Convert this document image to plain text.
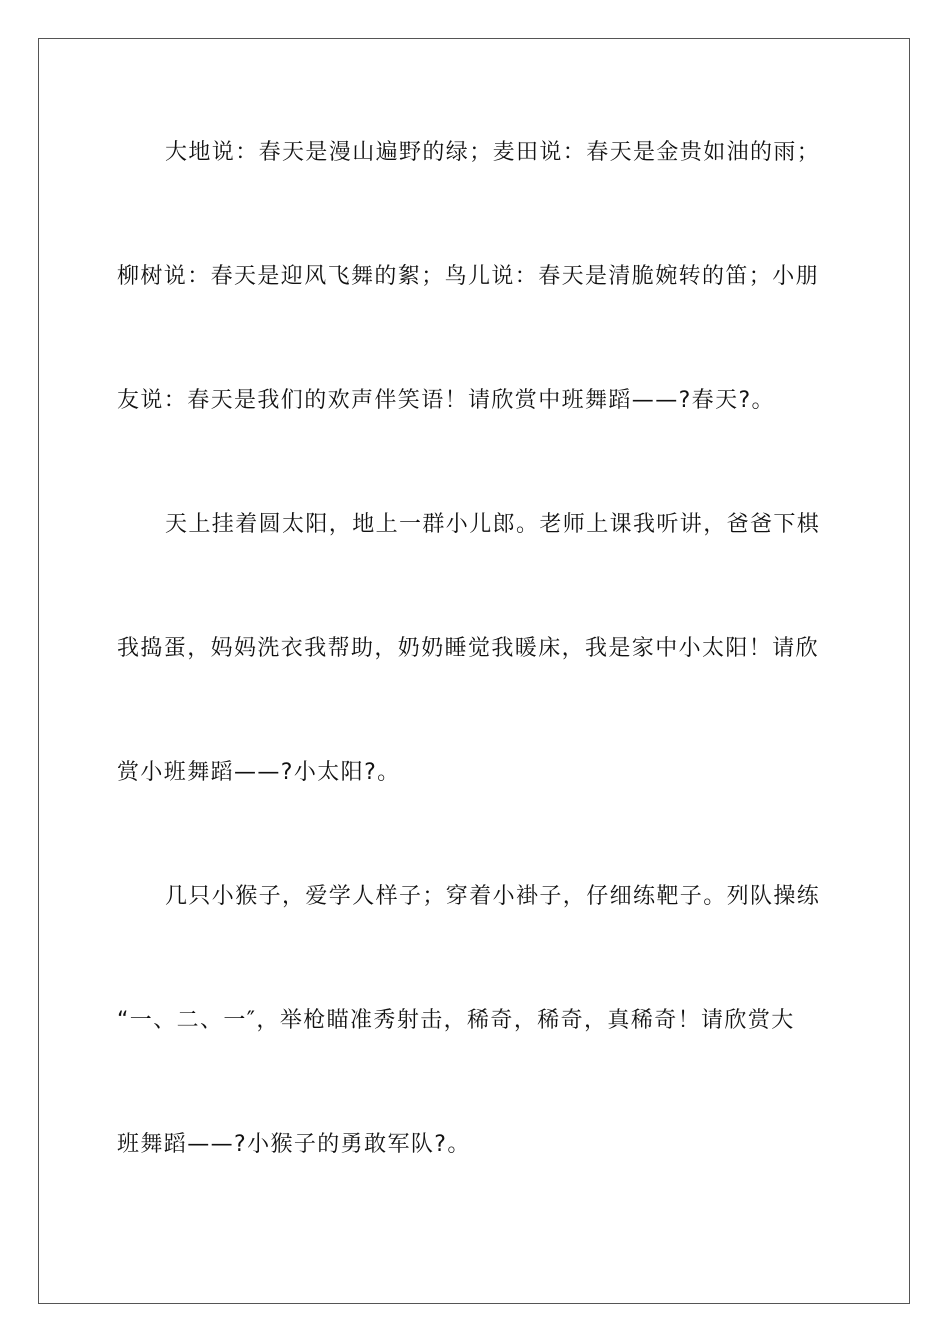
大地说：春天是漫山遍野的绿；麦田说：春天是金贵如油的雨；
柳树说：春天是迎风飞舞的絮；鸟儿说：春天是清脆婉转的笛；小朋
友说：春天是我们的欢声伴笑语！请欣赏中班舞蹈——?春天?。
天上挂着圆太阳，地上一群小儿郎。老师上课我听讲，爸爸下棋
我捣蛋，妈妈洗衣我帮助，奶奶睡觉我暖床，我是家中小太阳！请欣
赏小班舞蹈——?小太阳?。
几只小猴子，爱学人样子；穿着小褂子，仔细练靶子。列队操练
“一、二、一″，举枪瞄准秀射击，稀奇，稀奇，真稀奇！请欣赏大
班舞蹈——?小猴子的勇敢军队?。
